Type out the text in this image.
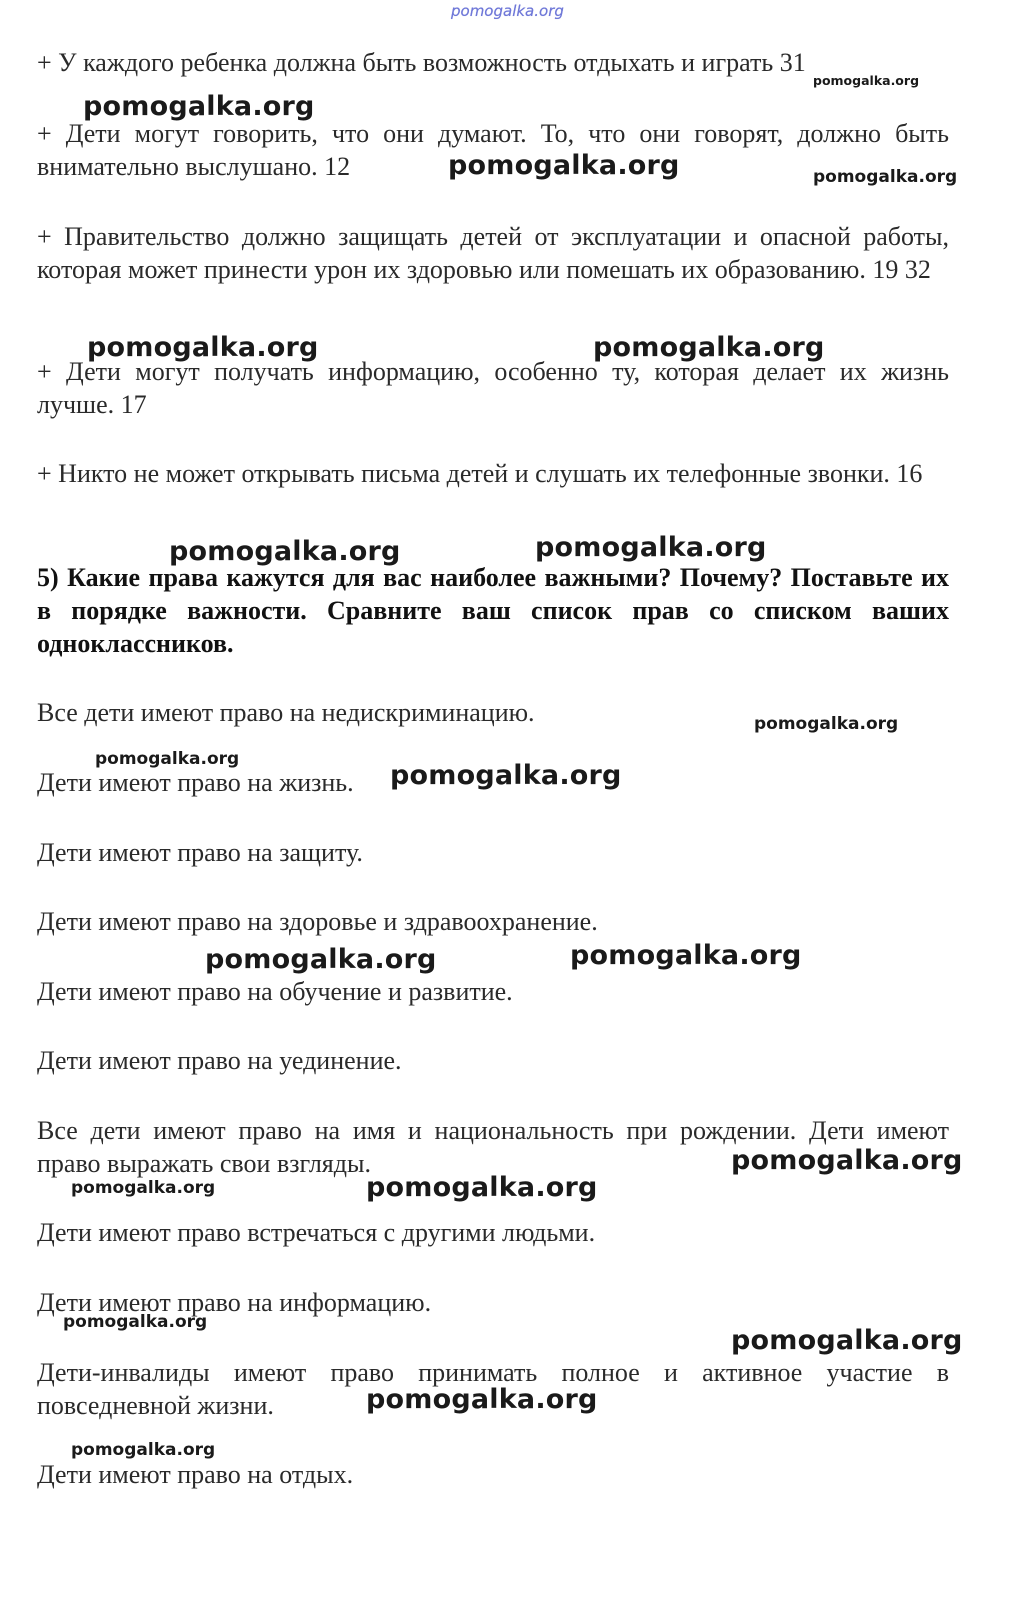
pomogalka.org
+ У каждого ребенка должна быть возможность отдыхать и играть 31
+ Дети могут говорить, что они думают. То, что они говорят, должно быть внимательно выслушано. 12
+ Правительство должно защищать детей от эксплуатации и опасной работы, которая может принести урон их здоровью или помешать их образованию. 19 32
+ Дети могут получать информацию, особенно ту, которая делает их жизнь лучше. 17
+ Никто не может открывать письма детей и слушать их телефонные звонки. 16
5) Какие права кажутся для вас наиболее важными? Почему? Поставьте их в порядке важности. Сравните ваш список прав со списком ваших одноклассников.
Все дети имеют право на недискриминацию.
Дети имеют право на жизнь.
Дети имеют право на защиту.
Дети имеют право на здоровье и здравоохранение.
Дети имеют право на обучение и развитие.
Дети имеют право на уединение.
Все дети имеют право на имя и национальность при рождении. Дети имеют право выражать свои взгляды.
Дети имеют право встречаться с другими людьми.
Дети имеют право на информацию.
Дети-инвалиды имеют право принимать полное и активное участие в повседневной жизни.
Дети имеют право на отдых.
pomogalka.org
pomogalka.org
pomogalka.org	pomogalka.org
pomogalka.org	pomogalka.org
pomogalka.org	pomogalka.org
pomogalka.org
pomogalka.org
pomogalka.org
pomogalka.org	pomogalka.org
pomogalka.org
pomogalka.org	pomogalka.org
pomogalka.org
pomogalka.org
pomogalka.org
pomogalka.org
